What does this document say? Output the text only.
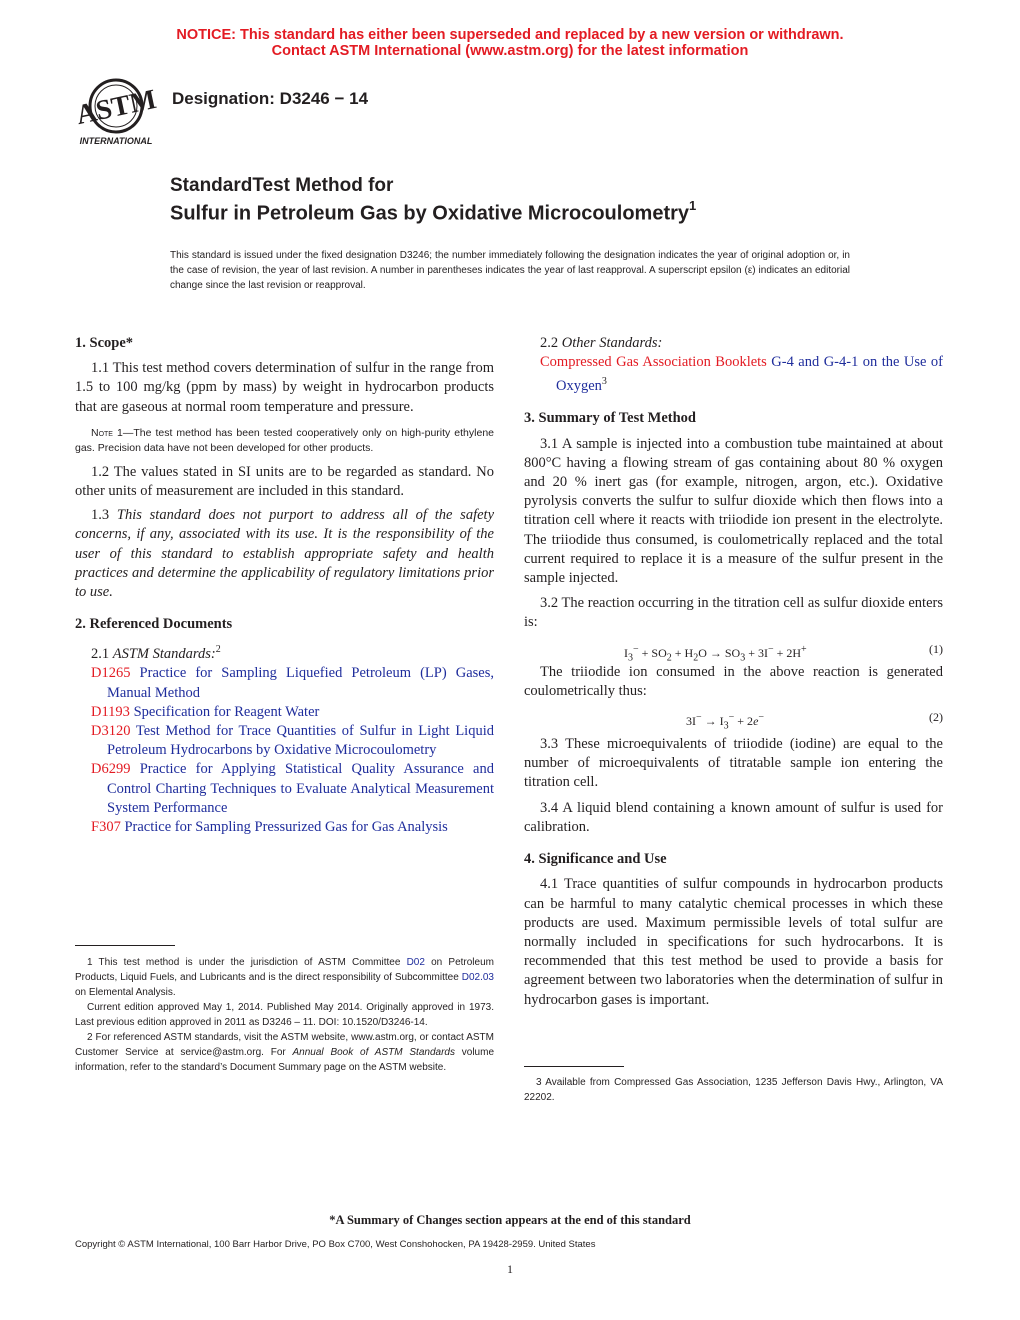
NOTICE: This standard has either been superseded and replaced by a new version or withdrawn.
Contact ASTM International (www.astm.org) for the latest information
ASTM
INTERNATIONAL
Designation: D3246 − 14
StandardTest Method for
Sulfur in Petroleum Gas by Oxidative Microcoulometry$^1$
This standard is issued under the fixed designation D3246; the number immediately following the designation indicates the year of original adoption or, in the case of revision, the year of last revision. A number in parentheses indicates the year of last reapproval. A superscript epsilon (ε) indicates an editorial change since the last revision or reapproval.
1. Scope*

1.1 This test method covers determination of sulfur in the range from 1.5 to 100 mg/kg (ppm by mass) by weight in hydrocarbon products that are gaseous at normal room temperature and pressure.

Note 1—The test method has been tested cooperatively only on high-purity ethylene gas. Precision data have not been developed for other products.

1.2 The values stated in SI units are to be regarded as standard. No other units of measurement are included in this standard.

1.3 This standard does not purport to address all of the safety concerns, if any, associated with its use. It is the responsibility of the user of this standard to establish appropriate safety and health practices and determine the applicability of regulatory limitations prior to use.

2. Referenced Documents

2.1 ASTM Standards:$^2$

D1265 Practice for Sampling Liquefied Petroleum (LP) Gases, Manual Method
D1193 Specification for Reagent Water
D3120 Test Method for Trace Quantities of Sulfur in Light Liquid Petroleum Hydrocarbons by Oxidative Microcoulometry
D6299 Practice for Applying Statistical Quality Assurance and Control Charting Techniques to Evaluate Analytical Measurement System Performance
F307 Practice for Sampling Pressurized Gas for Gas Analysis

1 This test method is under the jurisdiction of ASTM Committee D02 on Petroleum Products, Liquid Fuels, and Lubricants and is the direct responsibility of Subcommittee D02.03 on Elemental Analysis.

Current edition approved May 1, 2014. Published May 2014. Originally approved in 1973. Last previous edition approved in 2011 as D3246 – 11. DOI: 10.1520/D3246-14.

2 For referenced ASTM standards, visit the ASTM website, www.astm.org, or contact ASTM Customer Service at service@astm.org. For Annual Book of ASTM Standards volume information, refer to the standard’s Document Summary page on the ASTM website.

2.2 Other Standards:

Compressed Gas Association Booklets G-4 and G-4-1 on the Use of Oxygen$^3$
3. Summary of Test Method

3.1 A sample is injected into a combustion tube maintained at about 800°C having a flowing stream of gas containing about 80 % oxygen and 20 % inert gas (for example, nitrogen, argon, etc.). Oxidative pyrolysis converts the sulfur to sulfur dioxide which then flows into a titration cell where it reacts with triiodide ion present in the electrolyte. The triiodide thus consumed, is coulometrically replaced and the total current required to replace it is a measure of the sulfur present in the sample injected.

3.2 The reaction occurring in the titration cell as sulfur dioxide enters is:

$I_3^- + SO_2 + H_2O \to SO_3 + 3I^- + 2H^+$	(1)

The triiodide ion consumed in the above reaction is generated coulometrically thus:

$3I^- \to I_3^- + 2e^-$	(2)

3.3 These microequivalents of triiodide (iodine) are equal to the number of microequivalents of titratable sample ion entering the titration cell.

3.4 A liquid blend containing a known amount of sulfur is used for calibration.

4. Significance and Use

4.1 Trace quantities of sulfur compounds in hydrocarbon products can be harmful to many catalytic chemical processes in which these products are used. Maximum permissible levels of total sulfur are normally included in specifications for such hydrocarbons. It is recommended that this test method be used to provide a basis for agreement between two laboratories when the determination of sulfur in hydrocarbon gases is important.

3 Available from Compressed Gas Association, 1235 Jefferson Davis Hwy., Arlington, VA 22202.

*A Summary of Changes section appears at the end of this standard
Copyright © ASTM International, 100 Barr Harbor Drive, PO Box C700, West Conshohocken, PA 19428-2959. United States
1
